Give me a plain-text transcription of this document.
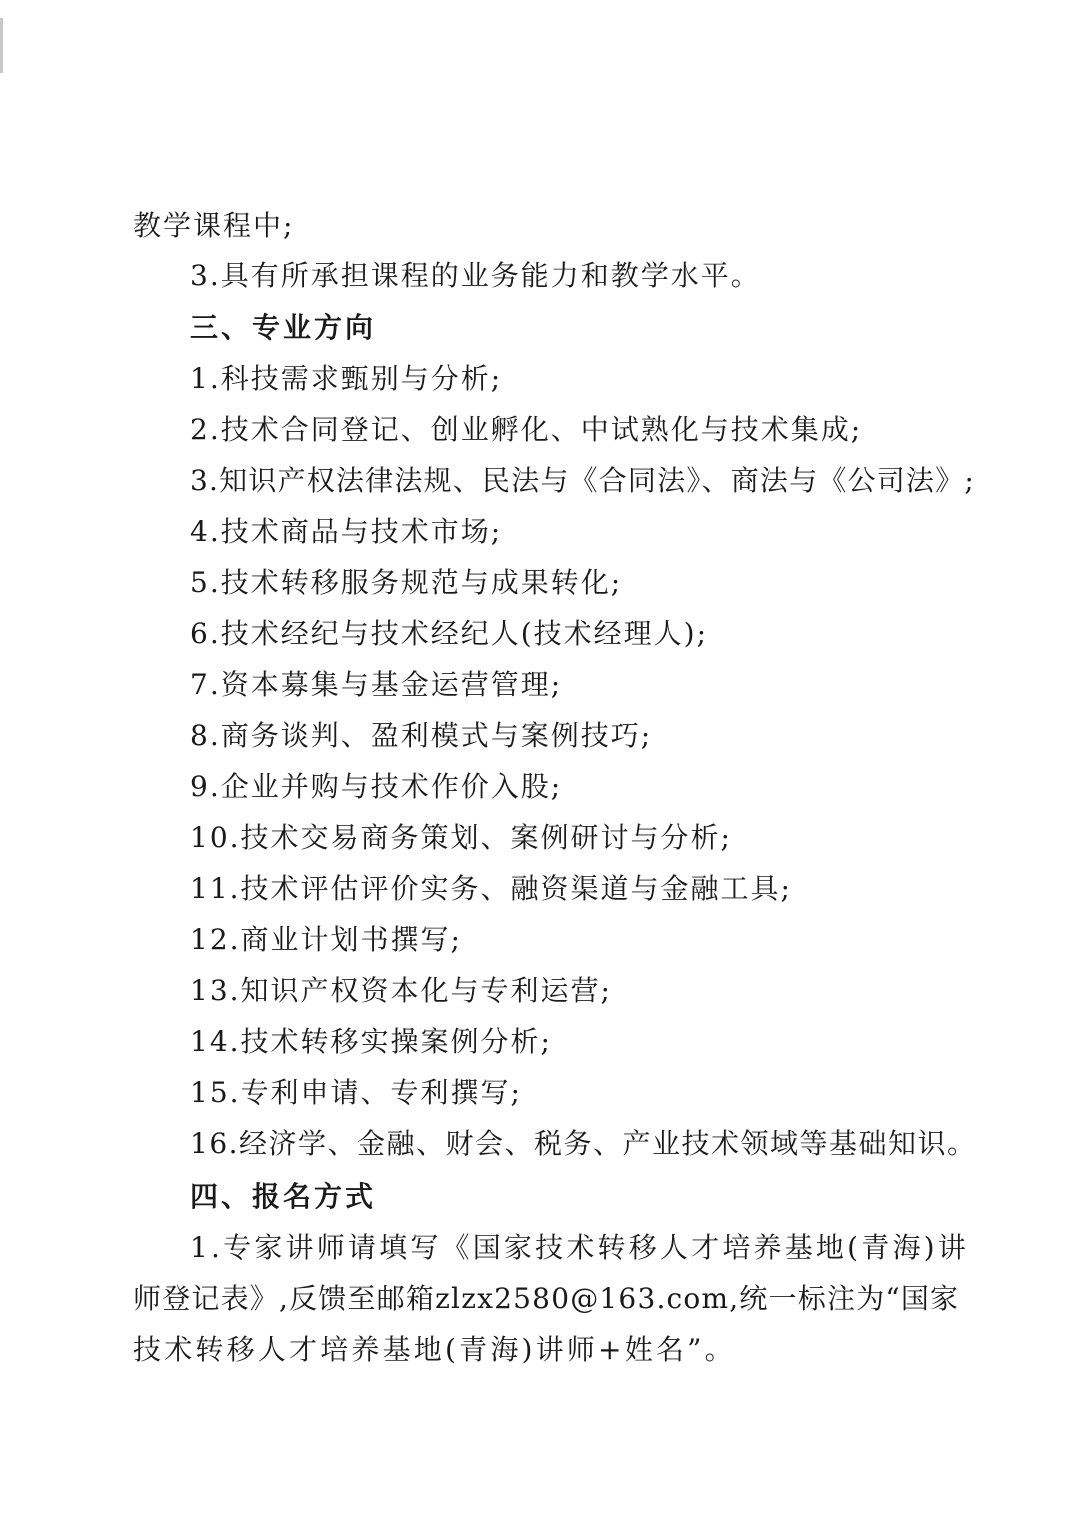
教学课程中;
3.具有所承担课程的业务能力和教学水平。
三、专业方向
1.科技需求甄别与分析;
2.技术合同登记、创业孵化、中试熟化与技术集成;
3.知识产权法律法规、民法与《合同法》、商法与《公司法》;
4.技术商品与技术市场;
5.技术转移服务规范与成果转化;
6.技术经纪与技术经纪人(技术经理人);
7.资本募集与基金运营管理;
8.商务谈判、盈利模式与案例技巧;
9.企业并购与技术作价入股;
10.技术交易商务策划、案例研讨与分析;
11.技术评估评价实务、融资渠道与金融工具;
12.商业计划书撰写;
13.知识产权资本化与专利运营;
14.技术转移实操案例分析;
15.专利申请、专利撰写;
16.经济学、金融、财会、税务、产业技术领域等基础知识。
四、报名方式
1.专家讲师请填写《国家技术转移人才培养基地(青海)讲
师登记表》,反馈至邮箱zlzx2580@163.com,统一标注为“国家
技术转移人才培养基地(青海)讲师+姓名”。
